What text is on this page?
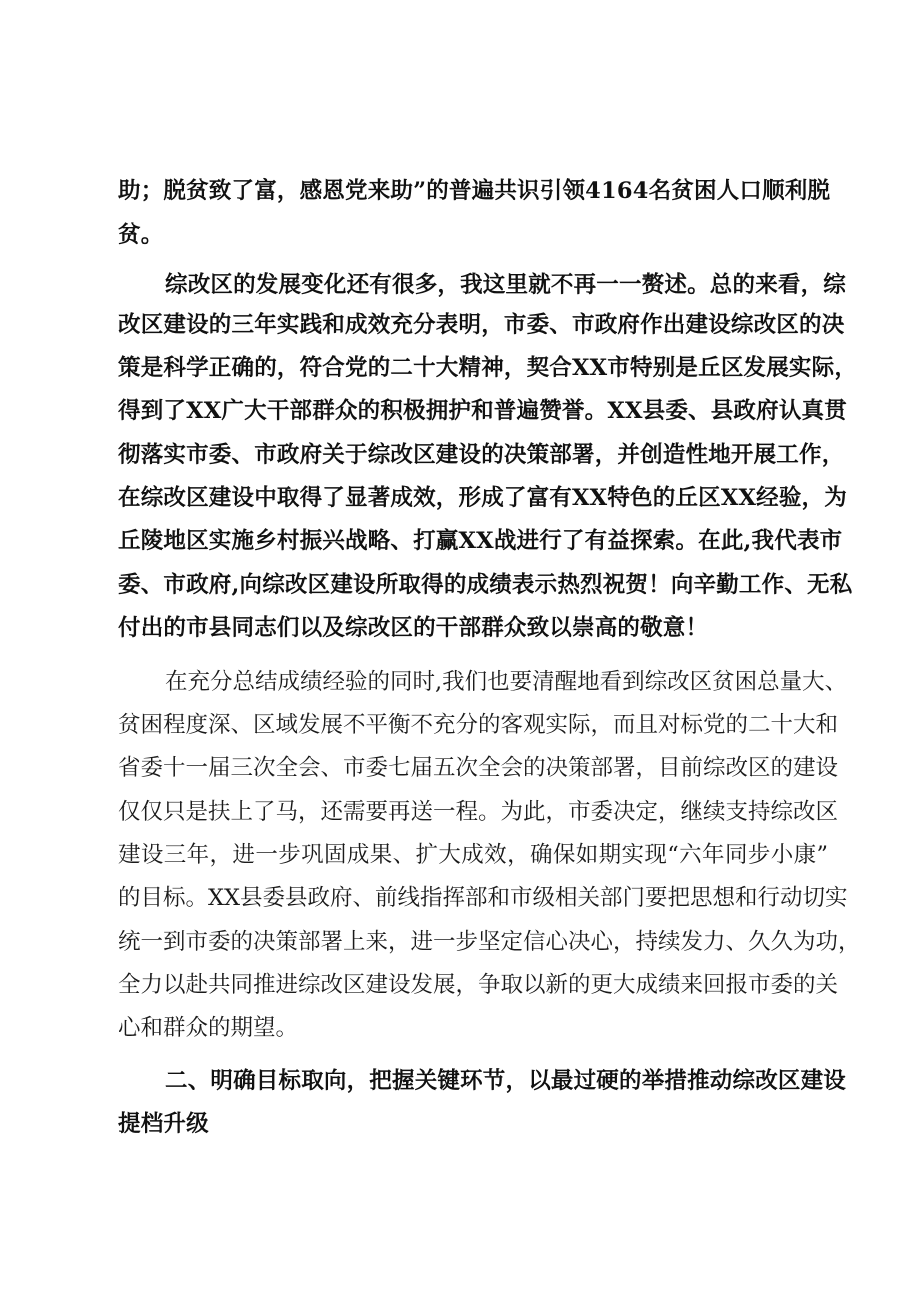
助；脱贫致了富，感恩党来助”的普遍共识引领4164名贫困人口顺利脱

贫。

综改区的发展变化还有很多，我这里就不再一一赘述。总的来看，综

改区建设的三年实践和成效充分表明，市委、市政府作出建设综改区的决

策是科学正确的，符合党的二十大精神，契合XX市特别是丘区发展实际，

得到了XX广大干部群众的积极拥护和普遍赞誉。XX县委、县政府认真贯

彻落实市委、市政府关于综改区建设的决策部署，并创造性地开展工作，

在综改区建设中取得了显著成效，形成了富有XX特色的丘区XX经验，为

丘陵地区实施乡村振兴战略、打赢XX战进行了有益探索。在此,我代表市

委、市政府,向综改区建设所取得的成绩表示热烈祝贺！向辛勤工作、无私

付出的市县同志们以及综改区的干部群众致以崇高的敬意！

在充分总结成绩经验的同时,我们也要清醒地看到综改区贫困总量大、

贫困程度深、区域发展不平衡不充分的客观实际，而且对标党的二十大和

省委十一届三次全会、市委七届五次全会的决策部署，目前综改区的建设

仅仅只是扶上了马，还需要再送一程。为此，市委决定，继续支持综改区

建设三年，进一步巩固成果、扩大成效，确保如期实现“六年同步小康”

的目标。XX县委县政府、前线指挥部和市级相关部门要把思想和行动切实

统一到市委的决策部署上来，进一步坚定信心决心，持续发力、久久为功，

全力以赴共同推进综改区建设发展，争取以新的更大成绩来回报市委的关

心和群众的期望。

二、明确目标取向，把握关键环节，以最过硬的举措推动综改区建设

提档升级
